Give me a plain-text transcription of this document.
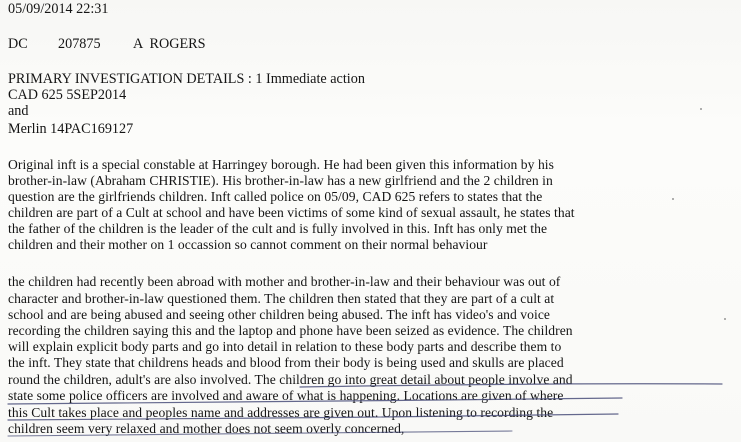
05/09/2014 22:31
DC 207875 A  ROGERS
PRIMARY INVESTIGATION DETAILS : 1 Immediate action
CAD 625 5SEP2014
and
Merlin 14PAC169127
Original inft is a special constable at Harringey borough. He had been given this information by his
brother-in-law (Abraham CHRISTIE). His brother-in-law has a new girlfriend and the 2 children in
question are the girlfriends children. Inft called police on 05/09, CAD 625 refers to states that the
children are part of a Cult at school and have been victims of some kind of sexual assault, he states that
the father of the children is the leader of the cult and is fully involved in this. Inft has only met the
children and their mother on 1 occassion so cannot comment on their normal behaviour
the children had recently been abroad with mother and brother-in-law and their behaviour was out of
character and brother-in-law questioned them. The children then stated that they are part of a cult at
school and are being abused and seeing other children being abused. The inft has video's and voice
recording the children saying this and the laptop and phone have been seized as evidence. The children
will explain explicit body parts and go into detail in relation to these body parts and describe them to
the inft. They state that childrens heads and blood from their body is being used and skulls are placed
round the children, adult's are also involved. The children go into great detail about people involve and
state some police officers are involved and aware of what is happening. Locations are given of where
this Cult takes place and peoples name and addresses are given out. Upon listening to recording the
children seem very relaxed and mother does not seem overly concerned,
